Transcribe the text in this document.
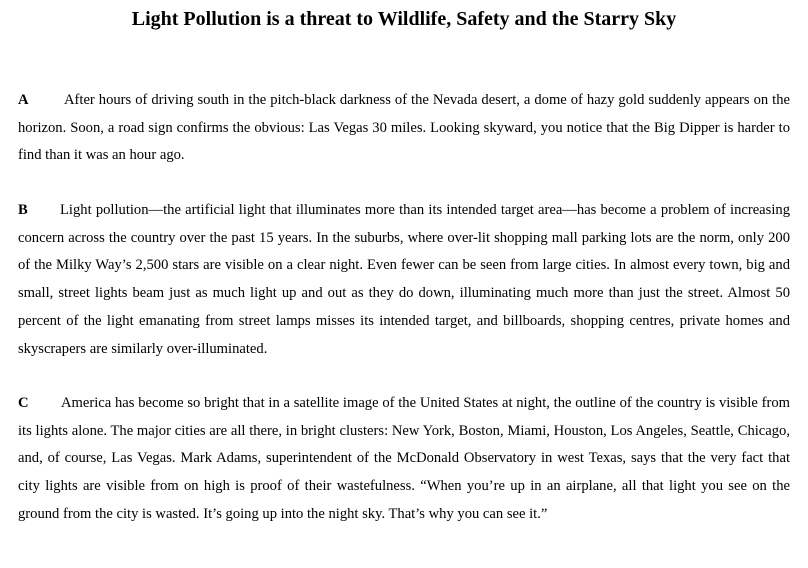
Light Pollution is a threat to Wildlife, Safety and the Starry Sky

A After hours of driving south in the pitch-black darkness of the Nevada desert, a dome of hazy gold suddenly appears on the horizon. Soon, a road sign confirms the obvious: Las Vegas 30 miles. Looking skyward, you notice that the Big Dipper is harder to find than it was an hour ago.

B Light pollution—the artificial light that illuminates more than its intended target area—has become a problem of increasing concern across the country over the past 15 years. In the suburbs, where over-lit shopping mall parking lots are the norm, only 200 of the Milky Way’s 2,500 stars are visible on a clear night. Even fewer can be seen from large cities. In almost every town, big and small, street lights beam just as much light up and out as they do down, illuminating much more than just the street. Almost 50 percent of the light emanating from street lamps misses its intended target, and billboards, shopping centres, private homes and skyscrapers are similarly over-illuminated.

C America has become so bright that in a satellite image of the United States at night, the outline of the country is visible from its lights alone. The major cities are all there, in bright clusters: New York, Boston, Miami, Houston, Los Angeles, Seattle, Chicago, and, of course, Las Vegas. Mark Adams, superintendent of the McDonald Observatory in west Texas, says that the very fact that city lights are visible from on high is proof of their wastefulness. “When you’re up in an airplane, all that light you see on the ground from the city is wasted. It’s going up into the night sky. That’s why you can see it.”
